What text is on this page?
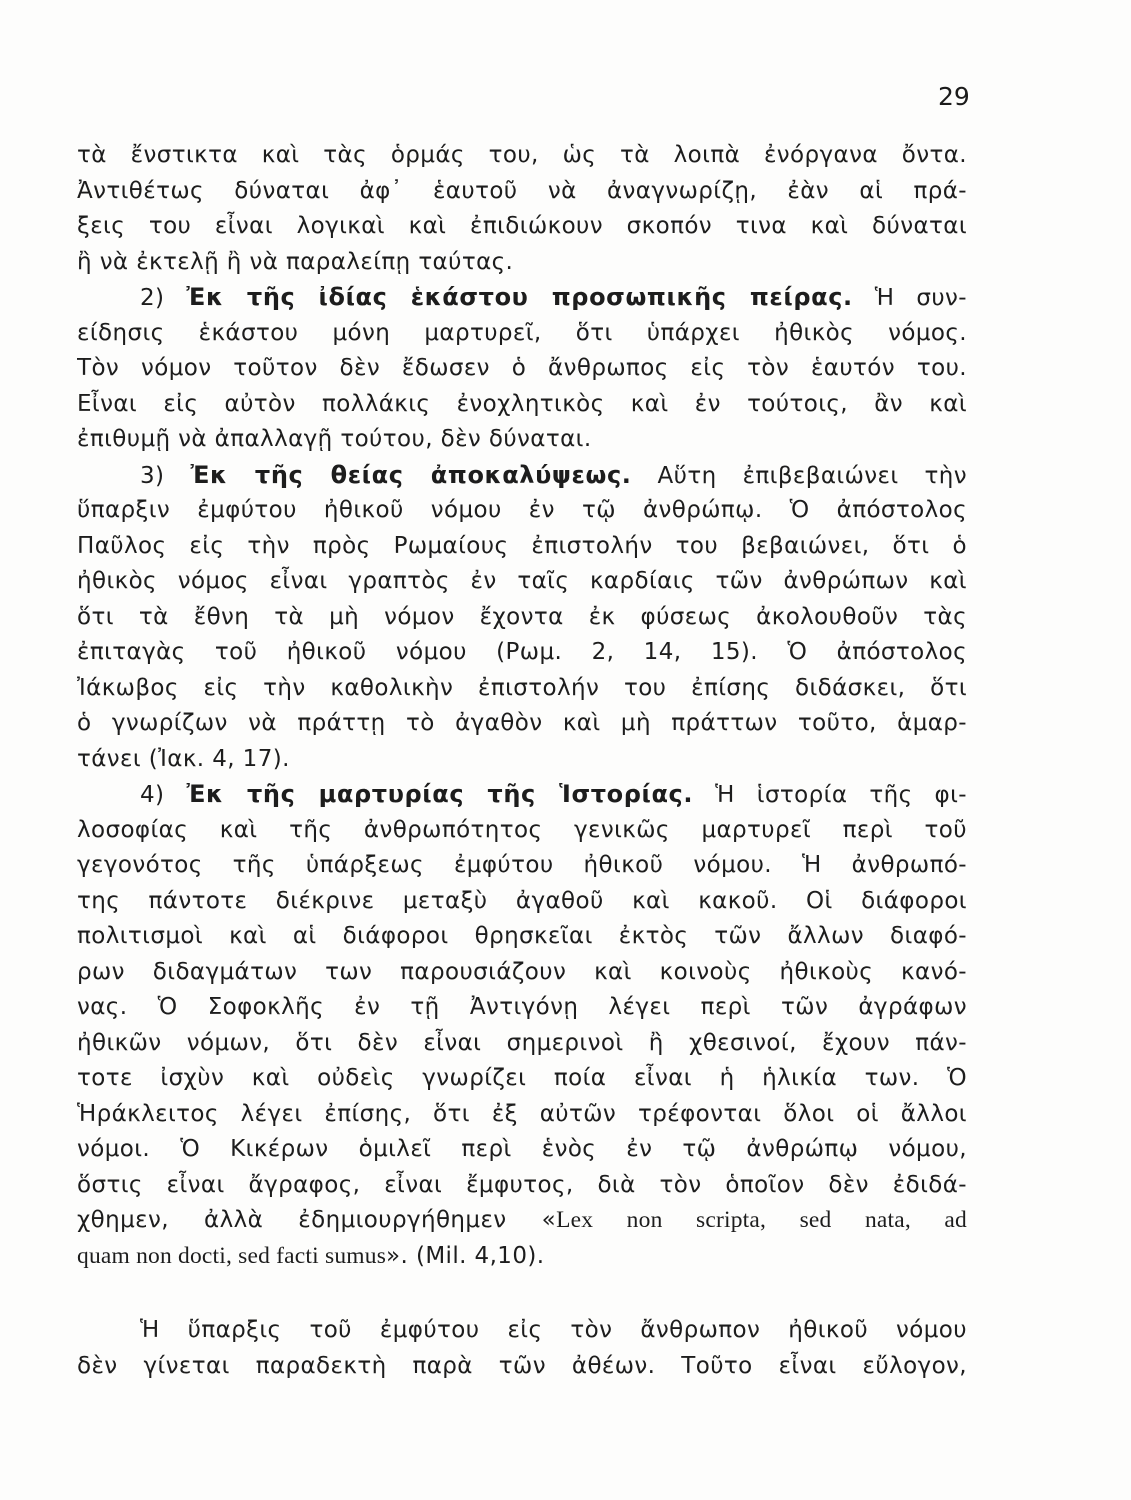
29
τὰ ἔνστικτα καὶ τὰς ὁρμάς του, ὡς τὰ λοιπὰ ἐνόργανα ὄντα.
Ἀντιθέτως δύναται ἀφ᾽ ἑαυτοῦ νὰ ἀναγνωρίζῃ, ἐὰν αἱ πρά-
ξεις του εἶναι λογικαὶ καὶ ἐπιδιώκουν σκοπόν τινα καὶ δύναται
ἢ νὰ ἐκτελῇ ἢ νὰ παραλείπῃ ταύτας.
2) Ἐκ τῆς ἰδίας ἑκάστου προσωπικῆς πείρας. Ἡ συν-
είδησις ἑκάστου μόνη μαρτυρεῖ, ὅτι ὑπάρχει ἠθικὸς νόμος.
Τὸν νόμον τοῦτον δὲν ἔδωσεν ὁ ἄνθρωπος εἰς τὸν ἑαυτόν του.
Εἶναι εἰς αὐτὸν πολλάκις ἐνοχλητικὸς καὶ ἐν τούτοις, ἂν καὶ
ἐπιθυμῇ νὰ ἀπαλλαγῇ τούτου, δὲν δύναται.
3) Ἐκ τῆς θείας ἀποκαλύψεως. Αὕτη ἐπιβεβαιώνει τὴν
ὕπαρξιν ἐμφύτου ἠθικοῦ νόμου ἐν τῷ ἀνθρώπῳ. Ὁ ἀπόστολος
Παῦλος εἰς τὴν πρὸς Ρωμαίους ἐπιστολήν του βεβαιώνει, ὅτι ὁ
ἠθικὸς νόμος εἶναι γραπτὸς ἐν ταῖς καρδίαις τῶν ἀνθρώπων καὶ
ὅτι τὰ ἔθνη τὰ μὴ νόμον ἔχοντα ἐκ φύσεως ἀκολουθοῦν τὰς
ἐπιταγὰς τοῦ ἠθικοῦ νόμου (Ρωμ. 2, 14, 15). Ὁ ἀπόστολος
Ἰάκωβος εἰς τὴν καθολικὴν ἐπιστολήν του ἐπίσης διδάσκει, ὅτι
ὁ γνωρίζων νὰ πράττῃ τὸ ἀγαθὸν καὶ μὴ πράττων τοῦτο, ἁμαρ-
τάνει (Ἰακ. 4, 17).
4) Ἐκ τῆς μαρτυρίας τῆς Ἱστορίας. Ἡ ἱστορία τῆς φι-
λοσοφίας καὶ τῆς ἀνθρωπότητος γενικῶς μαρτυρεῖ περὶ τοῦ
γεγονότος τῆς ὑπάρξεως ἐμφύτου ἠθικοῦ νόμου. Ἡ ἀνθρωπό-
της πάντοτε διέκρινε μεταξὺ ἀγαθοῦ καὶ κακοῦ. Οἱ διάφοροι
πολιτισμοὶ καὶ αἱ διάφοροι θρησκεῖαι ἐκτὸς τῶν ἄλλων διαφό-
ρων διδαγμάτων των παρουσιάζουν καὶ κοινοὺς ἠθικοὺς κανό-
νας. Ὁ Σοφοκλῆς ἐν τῇ Ἀντιγόνῃ λέγει περὶ τῶν ἀγράφων
ἠθικῶν νόμων, ὅτι δὲν εἶναι σημερινοὶ ἢ χθεσινοί, ἔχουν πάν-
τοτε ἰσχὺν καὶ οὐδεὶς γνωρίζει ποία εἶναι ἡ ἡλικία των. Ὁ
Ἡράκλειτος λέγει ἐπίσης, ὅτι ἐξ αὐτῶν τρέφονται ὅλοι οἱ ἄλλοι
νόμοι. Ὁ Κικέρων ὁμιλεῖ περὶ ἑνὸς ἐν τῷ ἀνθρώπῳ νόμου,
ὅστις εἶναι ἄγραφος, εἶναι ἔμφυτος, διὰ τὸν ὁποῖον δὲν ἐδιδά-
χθημεν, ἀλλὰ ἐδημιουργήθημεν «Lex non scripta, sed nata, ad
quam non docti, sed facti sumus». (Mil. 4,10).
Ἡ ὕπαρξις τοῦ ἐμφύτου εἰς τὸν ἄνθρωπον ἠθικοῦ νόμου
δὲν γίνεται παραδεκτὴ παρὰ τῶν ἀθέων. Τοῦτο εἶναι εὔλογον,
